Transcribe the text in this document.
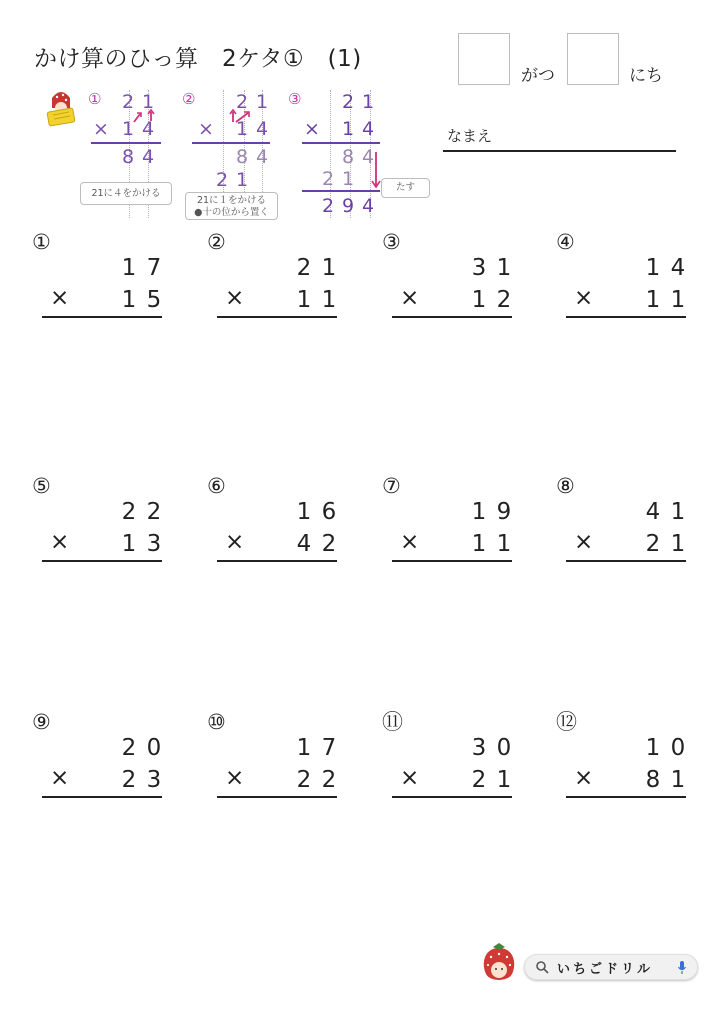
かけ算のひっ算　2ケタ①　(1)
がつ	にち
なまえ
① 2 1
× 1 4
8 4
② 2 1
× 1 4
8 4
2 1
③ 2 1
× 1 4
8 4
2 1
2 9 4
21に４をかける
21に１をかける
●十の位から置く
たす
①
1 7
1 5
×
②
2 1
1 1
×
③
3 1
1 2
×
④
1 4
1 1
×
⑤
2 2
1 3
×
⑥
1 6
4 2
×
⑦
1 9
1 1
×
⑧
4 1
2 1
×
⑨
2 0
2 3
×
⑩
1 7
2 2
×
⑪
3 0
2 1
×
⑫
1 0
8 1
×
いちごドリル
